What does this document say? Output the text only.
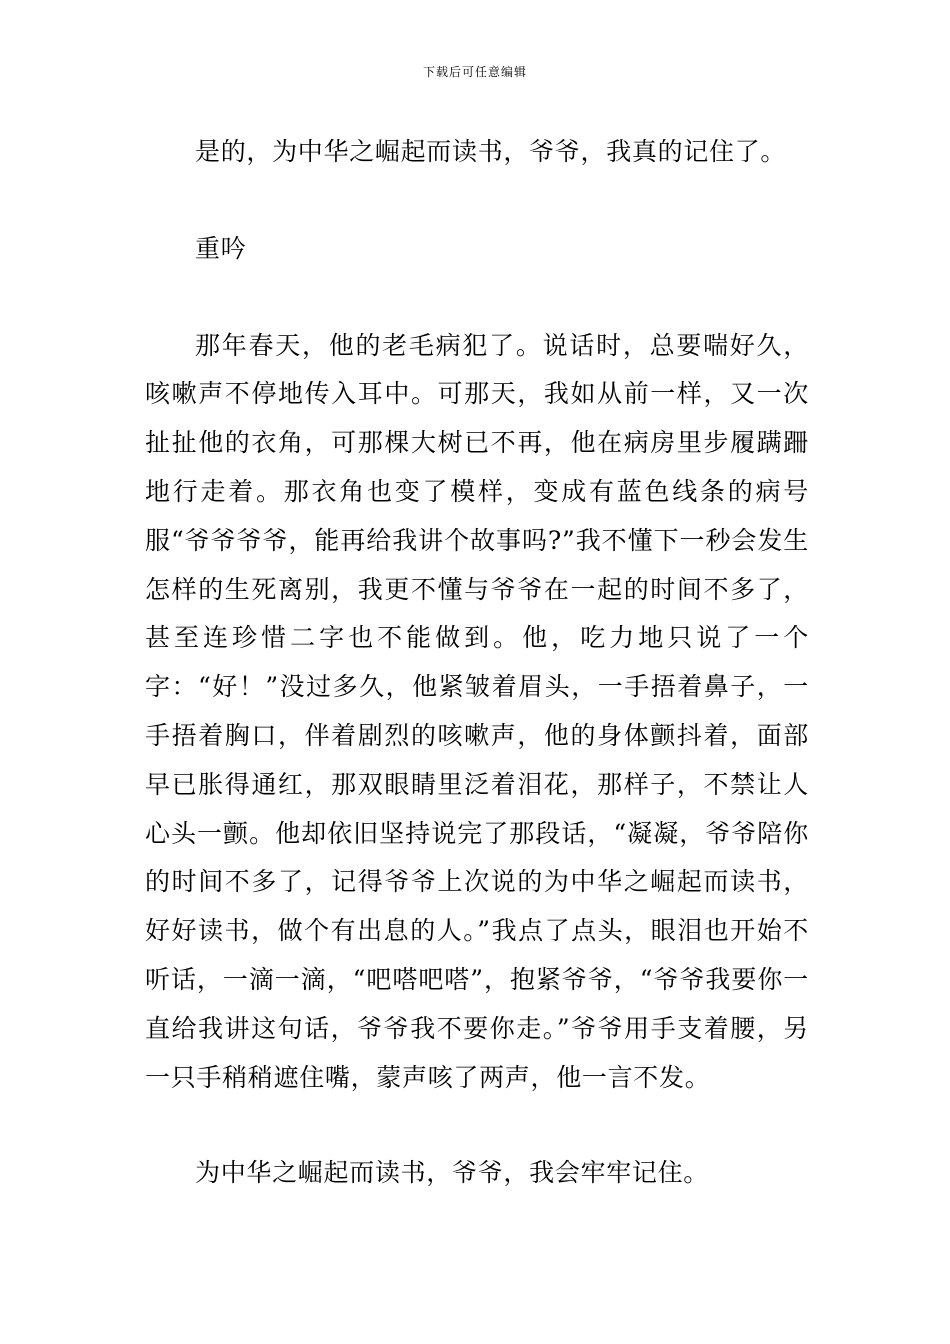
下载后可任意编辑

是的，为中华之崛起而读书，爷爷，我真的记住了。

重吟

那年春天，他的老毛病犯了。说话时，总要喘好久，咳嗽声不停地传入耳中。可那天，我如从前一样，又一次扯扯他的衣角，可那棵大树已不再，他在病房里步履蹒跚地行走着。那衣角也变了模样，变成有蓝色线条的病号服“爷爷爷爷，能再给我讲个故事吗?”我不懂下一秒会发生怎样的生死离别，我更不懂与爷爷在一起的时间不多了，甚至连珍惜二字也不能做到。他，吃力地只说了一个字：“好！”没过多久，他紧皱着眉头，一手捂着鼻子，一手捂着胸口，伴着剧烈的咳嗽声，他的身体颤抖着，面部早已胀得通红，那双眼睛里泛着泪花，那样子，不禁让人心头一颤。他却依旧坚持说完了那段话，“凝凝，爷爷陪你的时间不多了，记得爷爷上次说的为中华之崛起而读书，好好读书，做个有出息的人。”我点了点头，眼泪也开始不听话，一滴一滴，“吧嗒吧嗒”，抱紧爷爷，“爷爷我要你一直给我讲这句话，爷爷我不要你走。”爷爷用手支着腰，另一只手稍稍遮住嘴，蒙声咳了两声，他一言不发。

为中华之崛起而读书，爷爷，我会牢牢记住。
